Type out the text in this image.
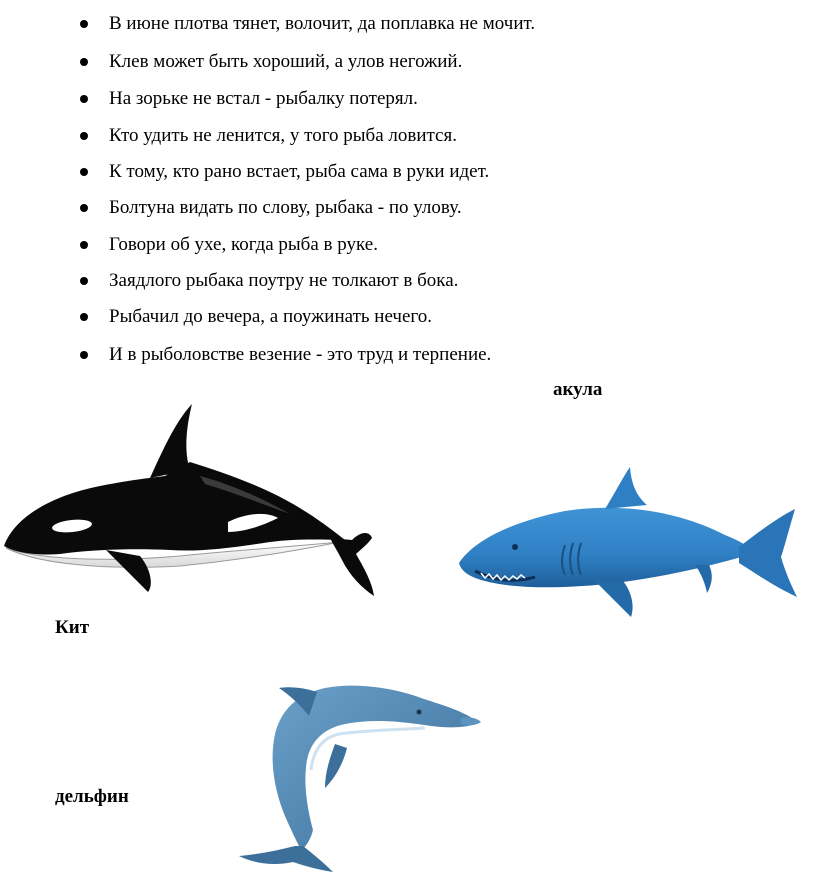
В июне плотва тянет, волочит, да поплавка не мочит.
Клев может быть хороший, а улов негожий.
На зорьке не встал - рыбалку потерял.
Кто удить не ленится, у того рыба ловится.
К тому, кто рано встает, рыба сама в руки идет.
Болтуна видать по слову, рыбака - по улову.
Говори об ухе, когда рыба в руке.
Заядлого рыбака поутру не толкают в бока.
Рыбачил до вечера, а поужинать нечего.
И в рыболовстве везение - это труд и терпение.
акула
Кит
дельфин
